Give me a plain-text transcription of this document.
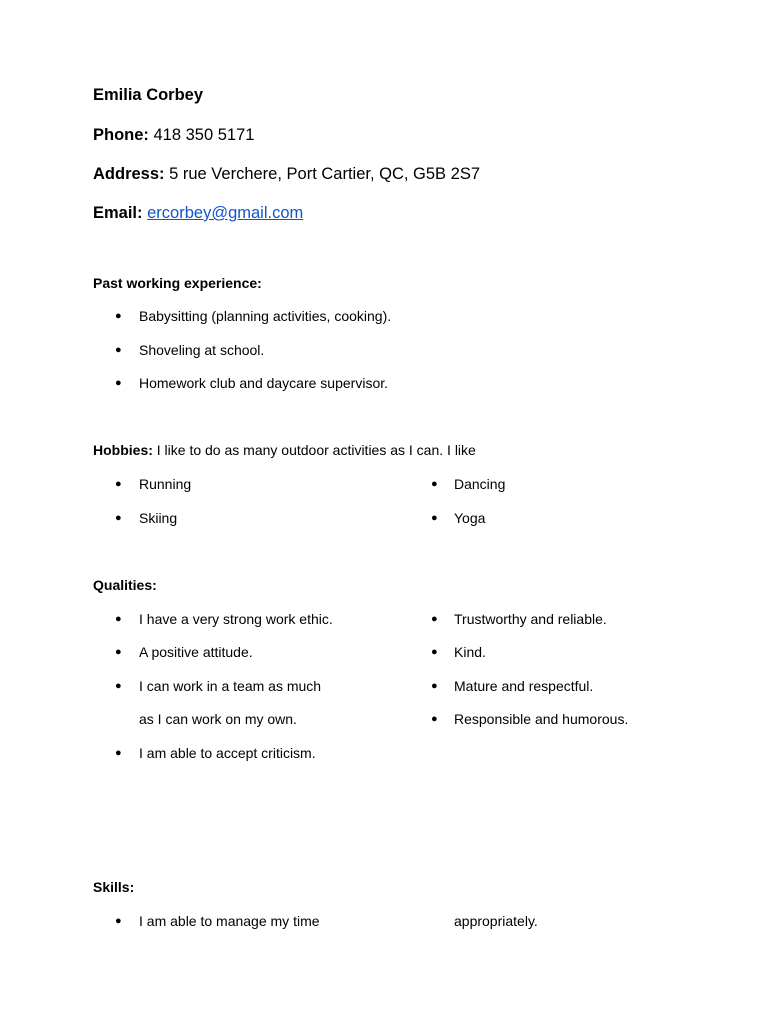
Emilia Corbey
Phone: 418 350 5171
Address: 5 rue Verchere, Port Cartier, QC, G5B 2S7
Email: ercorbey@gmail.com
Past working experience:
● Babysitting (planning activities, cooking).
● Shoveling at school.
● Homework club and daycare supervisor.
Hobbies: I like to do as many outdoor activities as I can. I like
● Running
● Skiing
● Dancing
● Yoga
Qualities:
● I have a very strong work ethic.
● A positive attitude.
● I can work in a team as much
as I can work on my own.
● I am able to accept criticism.
● Trustworthy and reliable.
● Kind.
● Mature and respectful.
● Responsible and humorous.
Skills:
● I am able to manage my time	appropriately.
